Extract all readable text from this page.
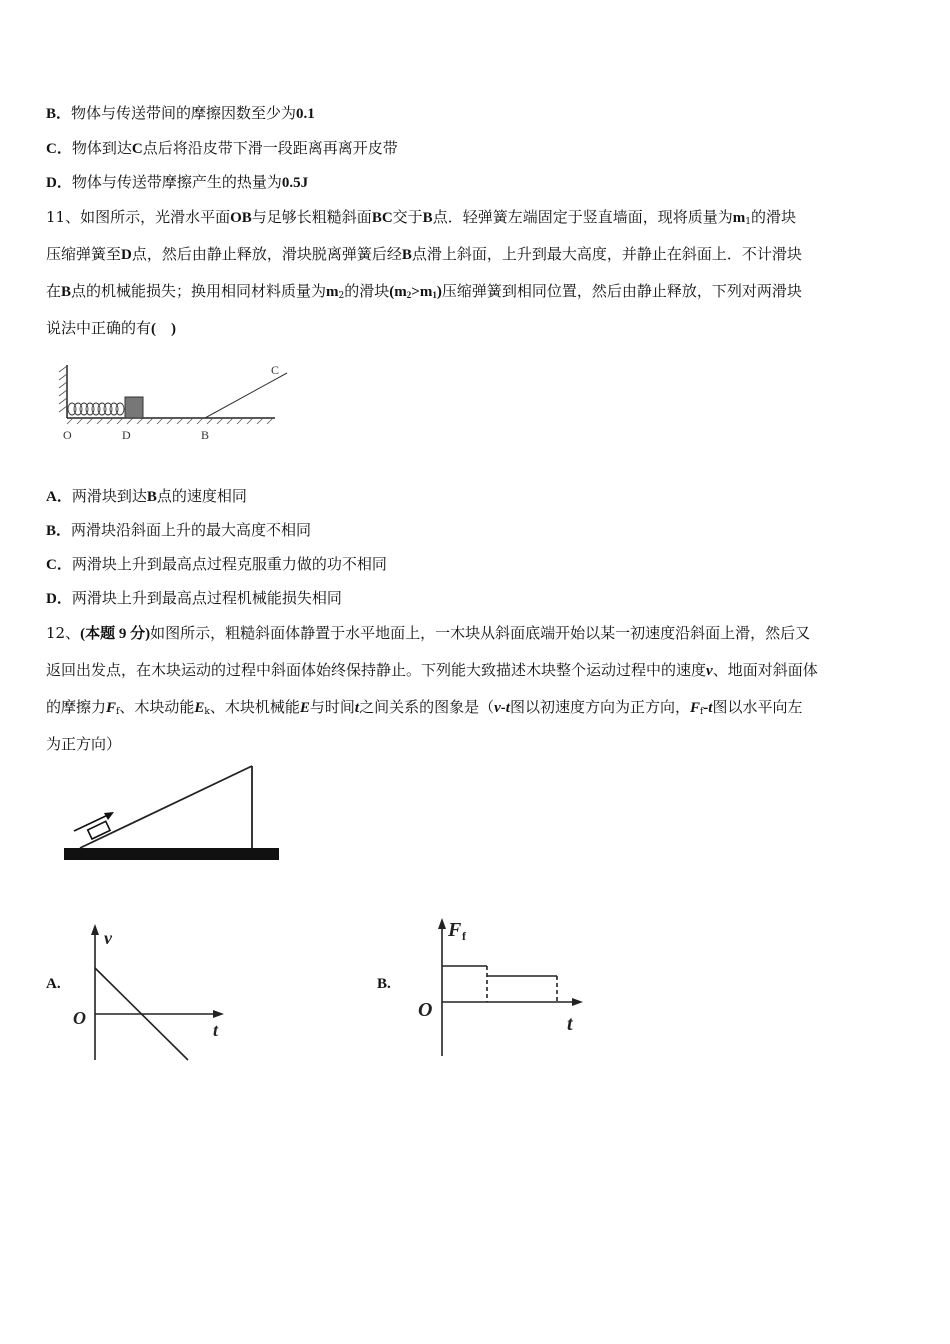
B．物体与传送带间的摩擦因数至少为0.1
C．物体到达C点后将沿皮带下滑一段距离再离开皮带
D．物体与传送带摩擦产生的热量为0.5J
11、如图所示，光滑水平面OB与足够长粗糙斜面BC交于B点．轻弹簧左端固定于竖直墙面，现将质量为$m_1$的滑块
压缩弹簧至D点，然后由静止释放，滑块脱离弹簧后经B点滑上斜面，上升到最大高度，并静止在斜面上．不计滑块
在B点的机械能损失；换用相同材料质量为$m_2$的滑块$(m_2>m_1)$压缩弹簧到相同位置，然后由静止释放，下列对两滑块
说法中正确的有(　)
O	D	B
C
A．两滑块到达B点的速度相同
B．两滑块沿斜面上升的最大高度不相同
C．两滑块上升到最高点过程克服重力做的功不相同
D．两滑块上升到最高点过程机械能损失相同
12、(本题 9 分)如图所示，粗糙斜面体静置于水平地面上，一木块从斜面底端开始以某一初速度沿斜面上滑，然后又
返回出发点，在木块运动的过程中斜面体始终保持静止。下列能大致描述木块整个运动过程中的速度v、地面对斜面体
的摩擦力$F_f$、木块动能$E_k$、木块机械能E与时间t之间关系的图象是（v-t图以初速度方向为正方向，$F_f-t$图以水平向左
为正方向）
A.
v
O
t
B.
F f
O
t
